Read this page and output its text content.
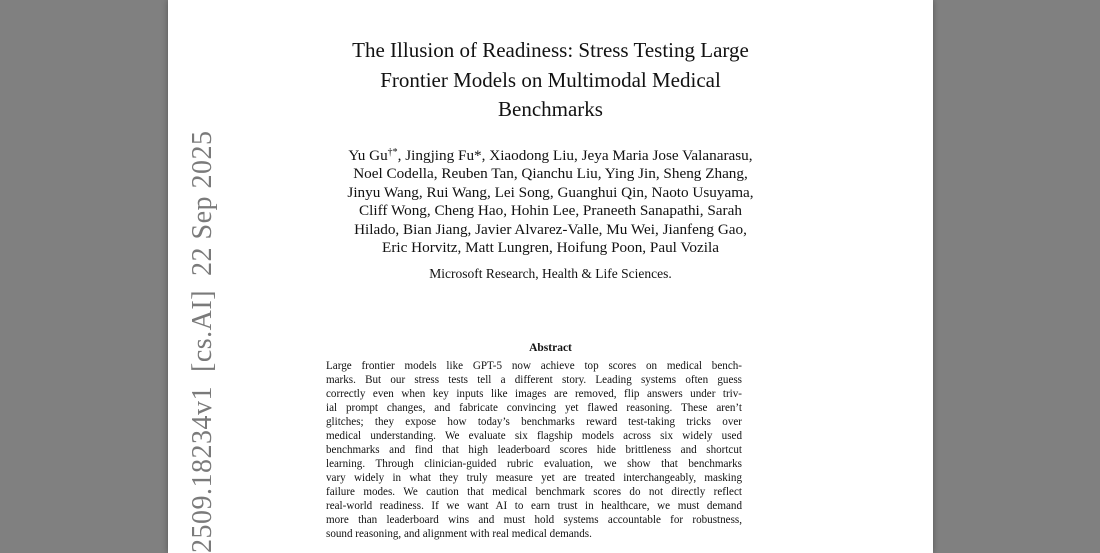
2509.18234v1[cs.AI]22 Sep 2025
The Illusion of Readiness: Stress Testing Large
Frontier Models on Multimodal Medical
Benchmarks
Yu Gu†*, Jingjing Fu*, Xiaodong Liu, Jeya Maria Jose Valanarasu,
Noel Codella, Reuben Tan, Qianchu Liu, Ying Jin, Sheng Zhang,
Jinyu Wang, Rui Wang, Lei Song, Guanghui Qin, Naoto Usuyama,
Cliff Wong, Cheng Hao, Hohin Lee, Praneeth Sanapathi, Sarah
Hilado, Bian Jiang, Javier Alvarez-Valle, Mu Wei, Jianfeng Gao,
Eric Horvitz, Matt Lungren, Hoifung Poon, Paul Vozila
Microsoft Research, Health & Life Sciences.
Abstract
Large frontier models like GPT-5 now achieve top scores on medical bench-
marks. But our stress tests tell a different story. Leading systems often guess
correctly even when key inputs like images are removed, flip answers under triv-
ial prompt changes, and fabricate convincing yet flawed reasoning. These aren’t
glitches; they expose how today’s benchmarks reward test-taking tricks over
medical understanding. We evaluate six flagship models across six widely used
benchmarks and find that high leaderboard scores hide brittleness and shortcut
learning. Through clinician-guided rubric evaluation, we show that benchmarks
vary widely in what they truly measure yet are treated interchangeably, masking
failure modes. We caution that medical benchmark scores do not directly reflect
real-world readiness. If we want AI to earn trust in healthcare, we must demand
more than leaderboard wins and must hold systems accountable for robustness,
sound reasoning, and alignment with real medical demands.
